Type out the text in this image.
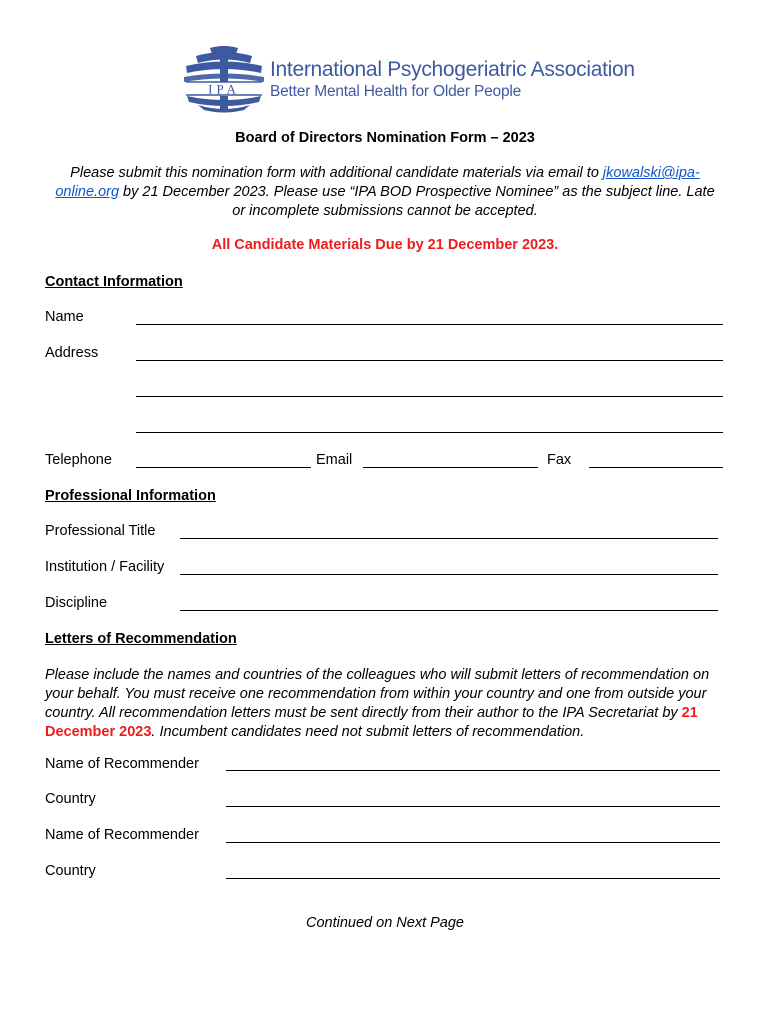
IPA
International Psychogeriatric Association
Better Mental Health for Older People
Board of Directors Nomination Form – 2023
Please submit this nomination form with additional candidate materials via email to jkowalski@ipa-online.org by 21 December 2023. Please use “IPA BOD Prospective Nominee” as the subject line. Late or incomplete submissions cannot be accepted.
All Candidate Materials Due by 21 December 2023.
Contact Information
Name
Address
Telephone	Email	Fax
Professional Information
Professional Title
Institution / Facility
Discipline
Letters of Recommendation
Please include the names and countries of the colleagues who will submit letters of recommendation on your behalf. You must receive one recommendation from within your country and one from outside your country. All recommendation letters must be sent directly from their author to the IPA Secretariat by 21 December 2023. Incumbent candidates need not submit letters of recommendation.
Name of Recommender
Country
Name of Recommender
Country
Continued on Next Page
